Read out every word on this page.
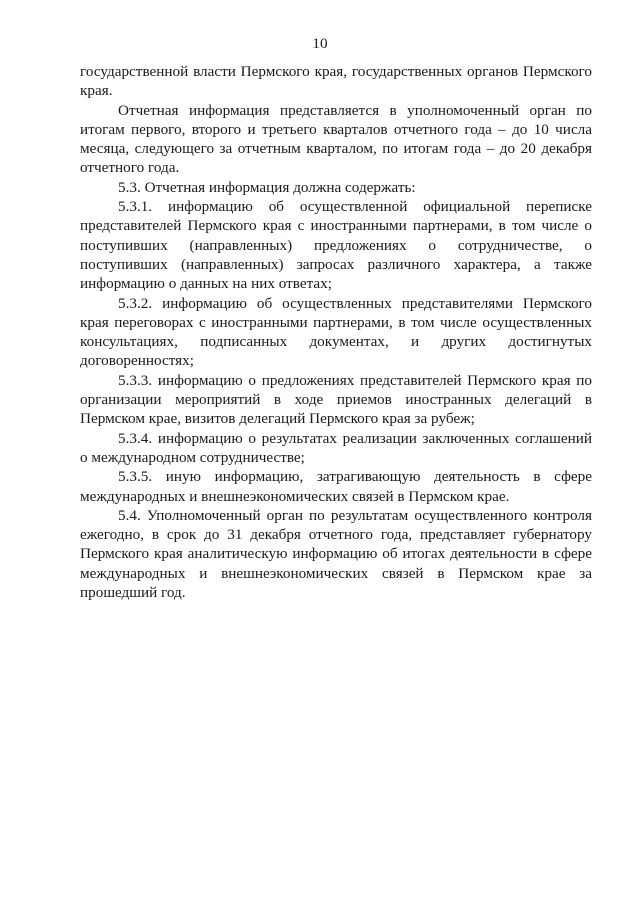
10

государственной власти Пермского края, государственных органов Пермского края.

Отчетная информация представляется в уполномоченный орган по итогам первого, второго и третьего кварталов отчетного года – до 10 числа месяца, следующего за отчетным кварталом, по итогам года – до 20 декабря отчетного года.

5.3. Отчетная информация должна содержать:

5.3.1. информацию об осуществленной официальной переписке представителей Пермского края с иностранными партнерами, в том числе о поступивших (направленных) предложениях о сотрудничестве, о поступивших (направленных) запросах различного характера, а также информацию о данных на них ответах;

5.3.2. информацию об осуществленных представителями Пермского края переговорах с иностранными партнерами, в том числе осуществленных консультациях, подписанных документах, и других достигнутых договоренностях;

5.3.3. информацию о предложениях представителей Пермского края по организации мероприятий в ходе приемов иностранных делегаций в Пермском крае, визитов делегаций Пермского края за рубеж;

5.3.4. информацию о результатах реализации заключенных соглашений о международном сотрудничестве;

5.3.5. иную информацию, затрагивающую деятельность в сфере международных и внешнеэкономических связей в Пермском крае.

5.4. Уполномоченный орган по результатам осуществленного контроля ежегодно, в срок до 31 декабря отчетного года, представляет губернатору Пермского края аналитическую информацию об итогах деятельности в сфере международных и внешнеэкономических связей в Пермском крае за прошедший год.
